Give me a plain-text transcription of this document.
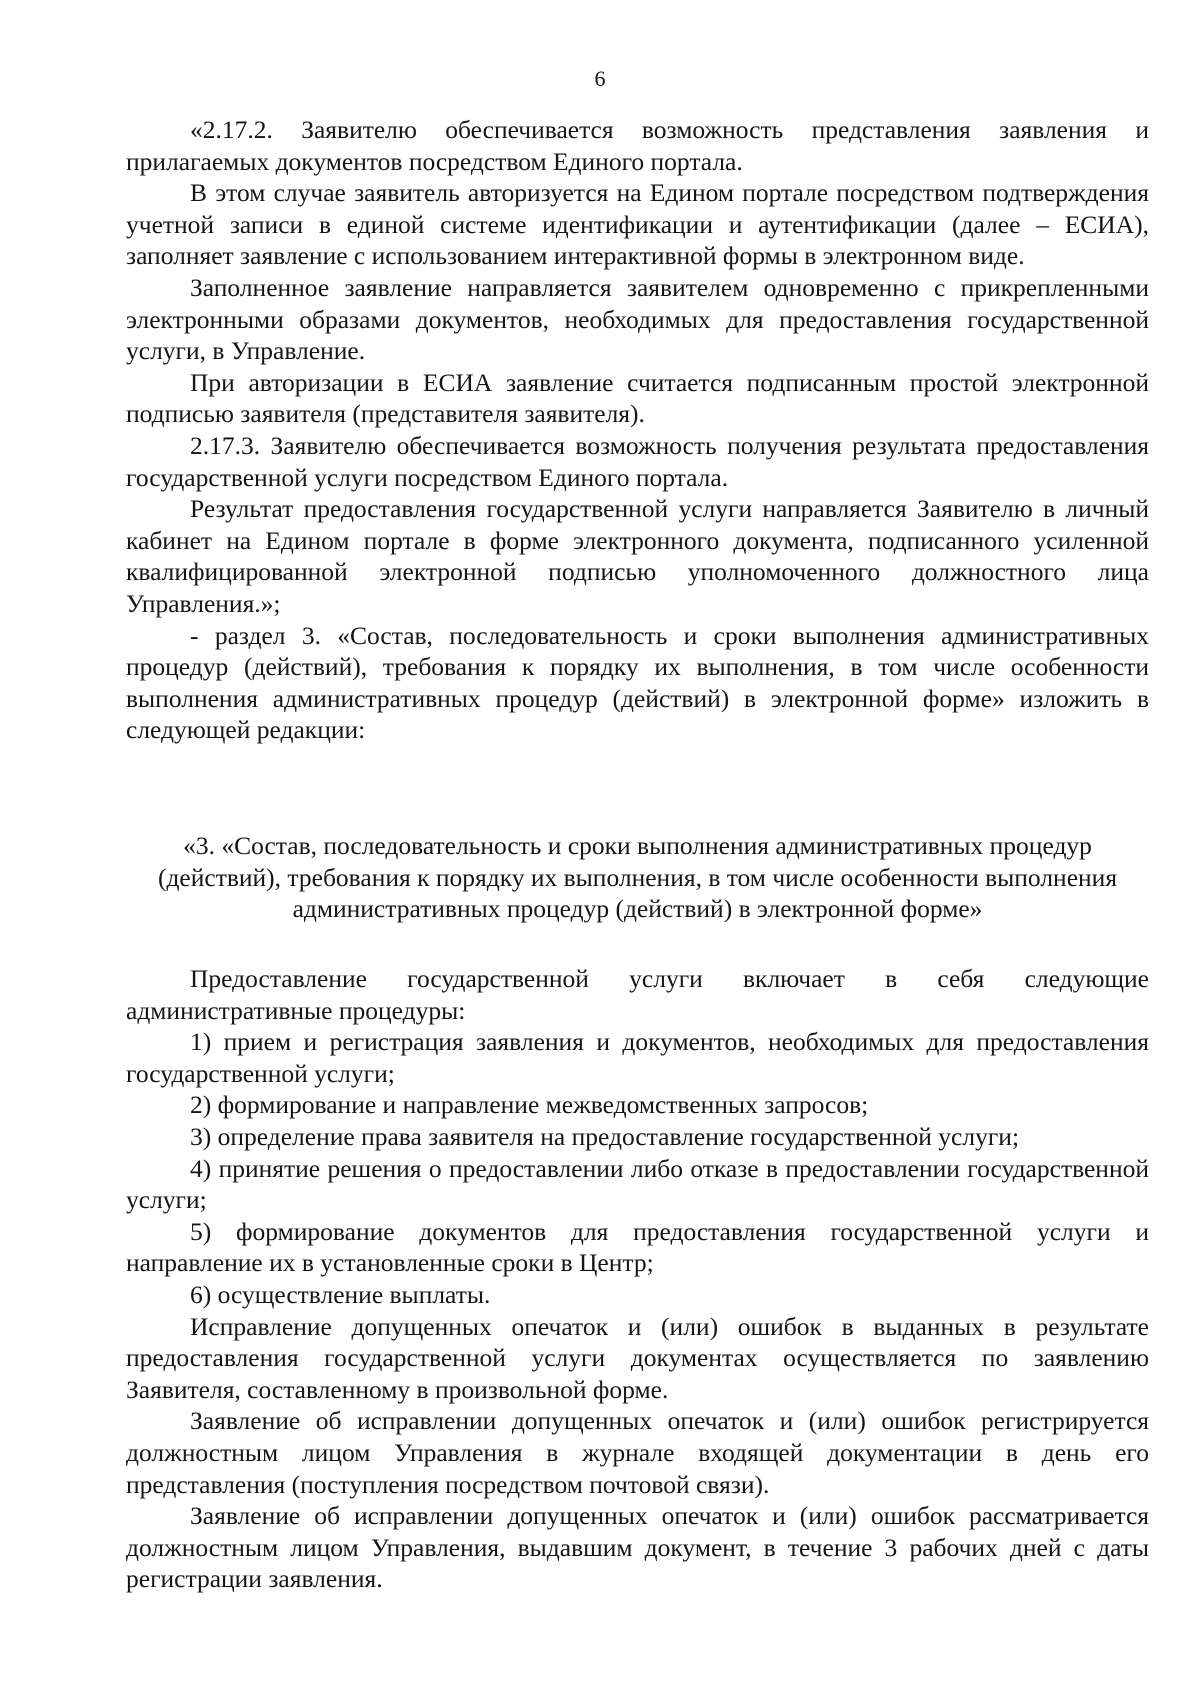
6

«2.17.2. Заявителю обеспечивается возможность представления заявления и прилагаемых документов посредством Единого портала.

В этом случае заявитель авторизуется на Едином портале посредством подтверждения учетной записи в единой системе идентификации и аутентификации (далее – ЕСИА), заполняет заявление с использованием интерактивной формы в электронном виде.

Заполненное заявление направляется заявителем одновременно с прикрепленными электронными образами документов, необходимых для предоставления государственной услуги, в Управление.

При авторизации в ЕСИА заявление считается подписанным простой электронной подписью заявителя (представителя заявителя).

2.17.3. Заявителю обеспечивается возможность получения результата предоставления государственной услуги посредством Единого портала.

Результат предоставления государственной услуги направляется Заявителю в личный кабинет на Едином портале в форме электронного документа, подписанного усиленной квалифицированной электронной подписью уполномоченного должностного лица Управления.»;

- раздел 3. «Состав, последовательность и сроки выполнения административных процедур (действий), требования к порядку их выполнения, в том числе особенности выполнения административных процедур (действий) в электронной форме» изложить в следующей редакции:

«3. «Состав, последовательность и сроки выполнения административных процедур (действий), требования к порядку их выполнения, в том числе особенности выполнения административных процедур (действий) в электронной форме»

Предоставление государственной услуги включает в себя следующие административные процедуры:

1) прием и регистрация заявления и документов, необходимых для предоставления государственной услуги;

2) формирование и направление межведомственных запросов;

3) определение права заявителя на предоставление государственной услуги;

4) принятие решения о предоставлении либо отказе в предоставлении государственной услуги;

5) формирование документов для предоставления государственной услуги и направление их в установленные сроки в Центр;

6) осуществление выплаты.

Исправление допущенных опечаток и (или) ошибок в выданных в результате предоставления государственной услуги документах осуществляется по заявлению Заявителя, составленному в произвольной форме.

Заявление об исправлении допущенных опечаток и (или) ошибок регистрируется должностным лицом Управления в журнале входящей документации в день его представления (поступления посредством почтовой связи).

Заявление об исправлении допущенных опечаток и (или) ошибок рассматривается должностным лицом Управления, выдавшим документ, в течение 3 рабочих дней с даты регистрации заявления.
